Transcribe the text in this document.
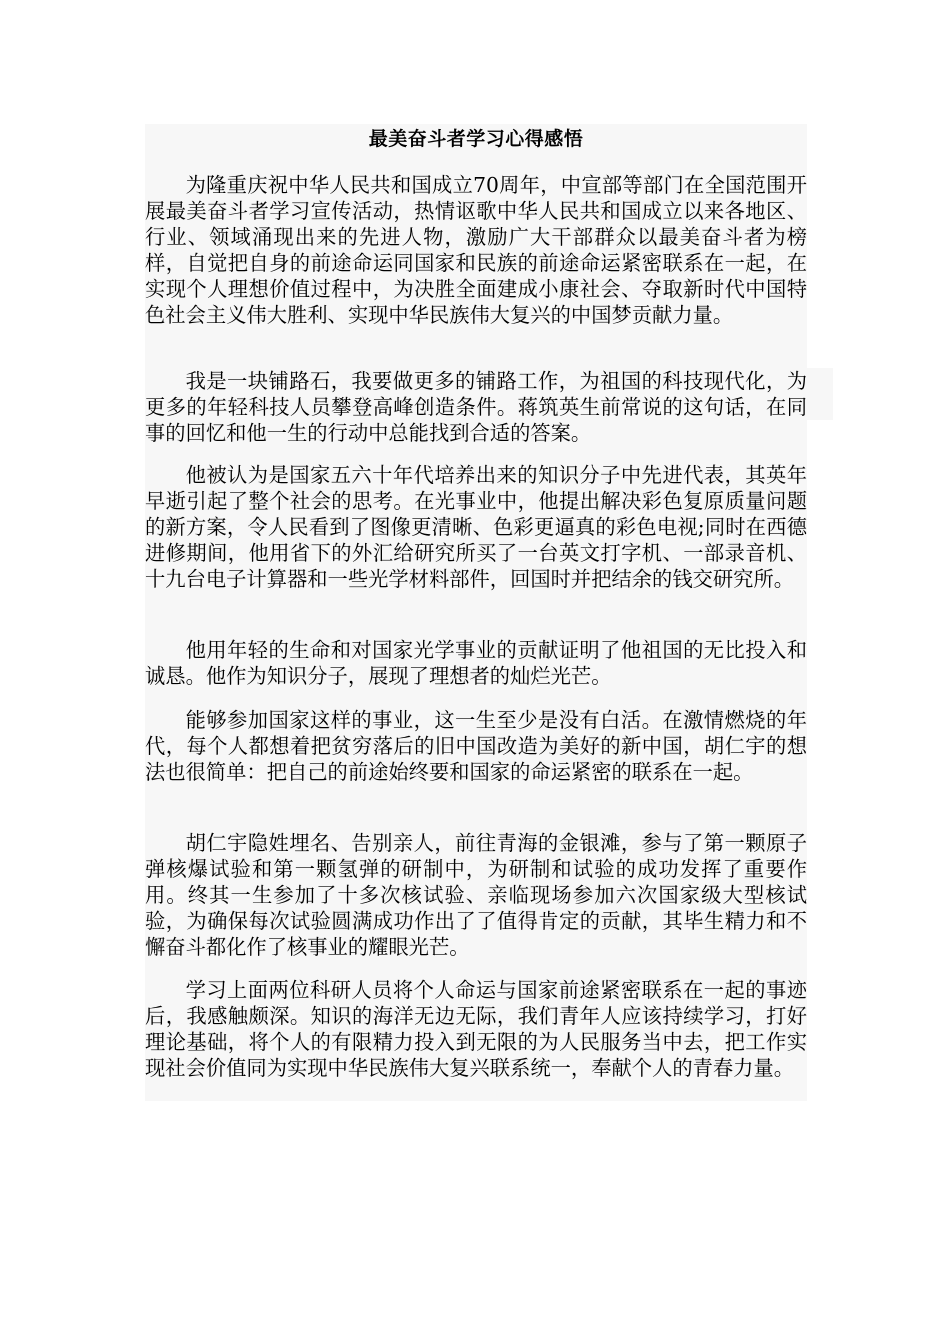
最美奋斗者学习心得感悟

为隆重庆祝中华人民共和国成立70周年，中宣部等部门在全国范围开展最美奋斗者学习宣传活动，热情讴歌中华人民共和国成立以来各地区、行业、领域涌现出来的先进人物，激励广大干部群众以最美奋斗者为榜样，自觉把自身的前途命运同国家和民族的前途命运紧密联系在一起，在实现个人理想价值过程中，为决胜全面建成小康社会、夺取新时代中国特色社会主义伟大胜利、实现中华民族伟大复兴的中国梦贡献力量。

我是一块铺路石，我要做更多的铺路工作，为祖国的科技现代化，为更多的年轻科技人员攀登高峰创造条件。蒋筑英生前常说的这句话，在同事的回忆和他一生的行动中总能找到合适的答案。

他被认为是国家五六十年代培养出来的知识分子中先进代表，其英年早逝引起了整个社会的思考。在光事业中，他提出解决彩色复原质量问题的新方案，令人民看到了图像更清晰、色彩更逼真的彩色电视;同时在西德进修期间，他用省下的外汇给研究所买了一台英文打字机、一部录音机、十九台电子计算器和一些光学材料部件，回国时并把结余的钱交研究所。

他用年轻的生命和对国家光学事业的贡献证明了他祖国的无比投入和诚恳。他作为知识分子，展现了理想者的灿烂光芒。

能够参加国家这样的事业，这一生至少是没有白活。在激情燃烧的年代，每个人都想着把贫穷落后的旧中国改造为美好的新中国，胡仁宇的想法也很简单：把自己的前途始终要和国家的命运紧密的联系在一起。

胡仁宇隐姓埋名、告别亲人，前往青海的金银滩，参与了第一颗原子弹核爆试验和第一颗氢弹的研制中，为研制和试验的成功发挥了重要作用。终其一生参加了十多次核试验、亲临现场参加六次国家级大型核试验，为确保每次试验圆满成功作出了了值得肯定的贡献，其毕生精力和不懈奋斗都化作了核事业的耀眼光芒。

学习上面两位科研人员将个人命运与国家前途紧密联系在一起的事迹后，我感触颇深。知识的海洋无边无际，我们青年人应该持续学习，打好理论基础，将个人的有限精力投入到无限的为人民服务当中去，把工作实现社会价值同为实现中华民族伟大复兴联系统一，奉献个人的青春力量。
